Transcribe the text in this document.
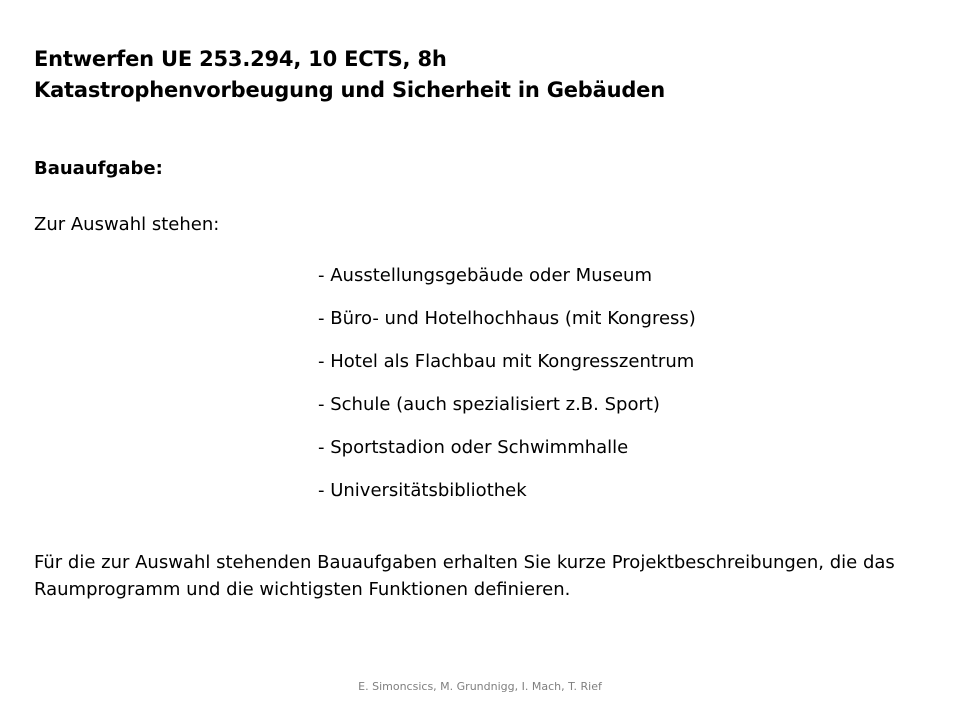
Entwerfen UE 253.294, 10 ECTS, 8h
Katastrophenvorbeugung und Sicherheit in Gebäuden
Bauaufgabe:
Zur Auswahl stehen:
- Ausstellungsgebäude oder Museum
- Büro- und Hotelhochhaus (mit Kongress)
- Hotel als Flachbau mit Kongresszentrum
- Schule (auch spezialisiert z.B. Sport)
- Sportstadion oder Schwimmhalle
- Universitätsbibliothek
Für die zur Auswahl stehenden Bauaufgaben erhalten Sie kurze Projektbeschreibungen, die das Raumprogramm und die wichtigsten Funktionen definieren.
E. Simoncsics, M. Grundnigg, I. Mach, T. Rief
